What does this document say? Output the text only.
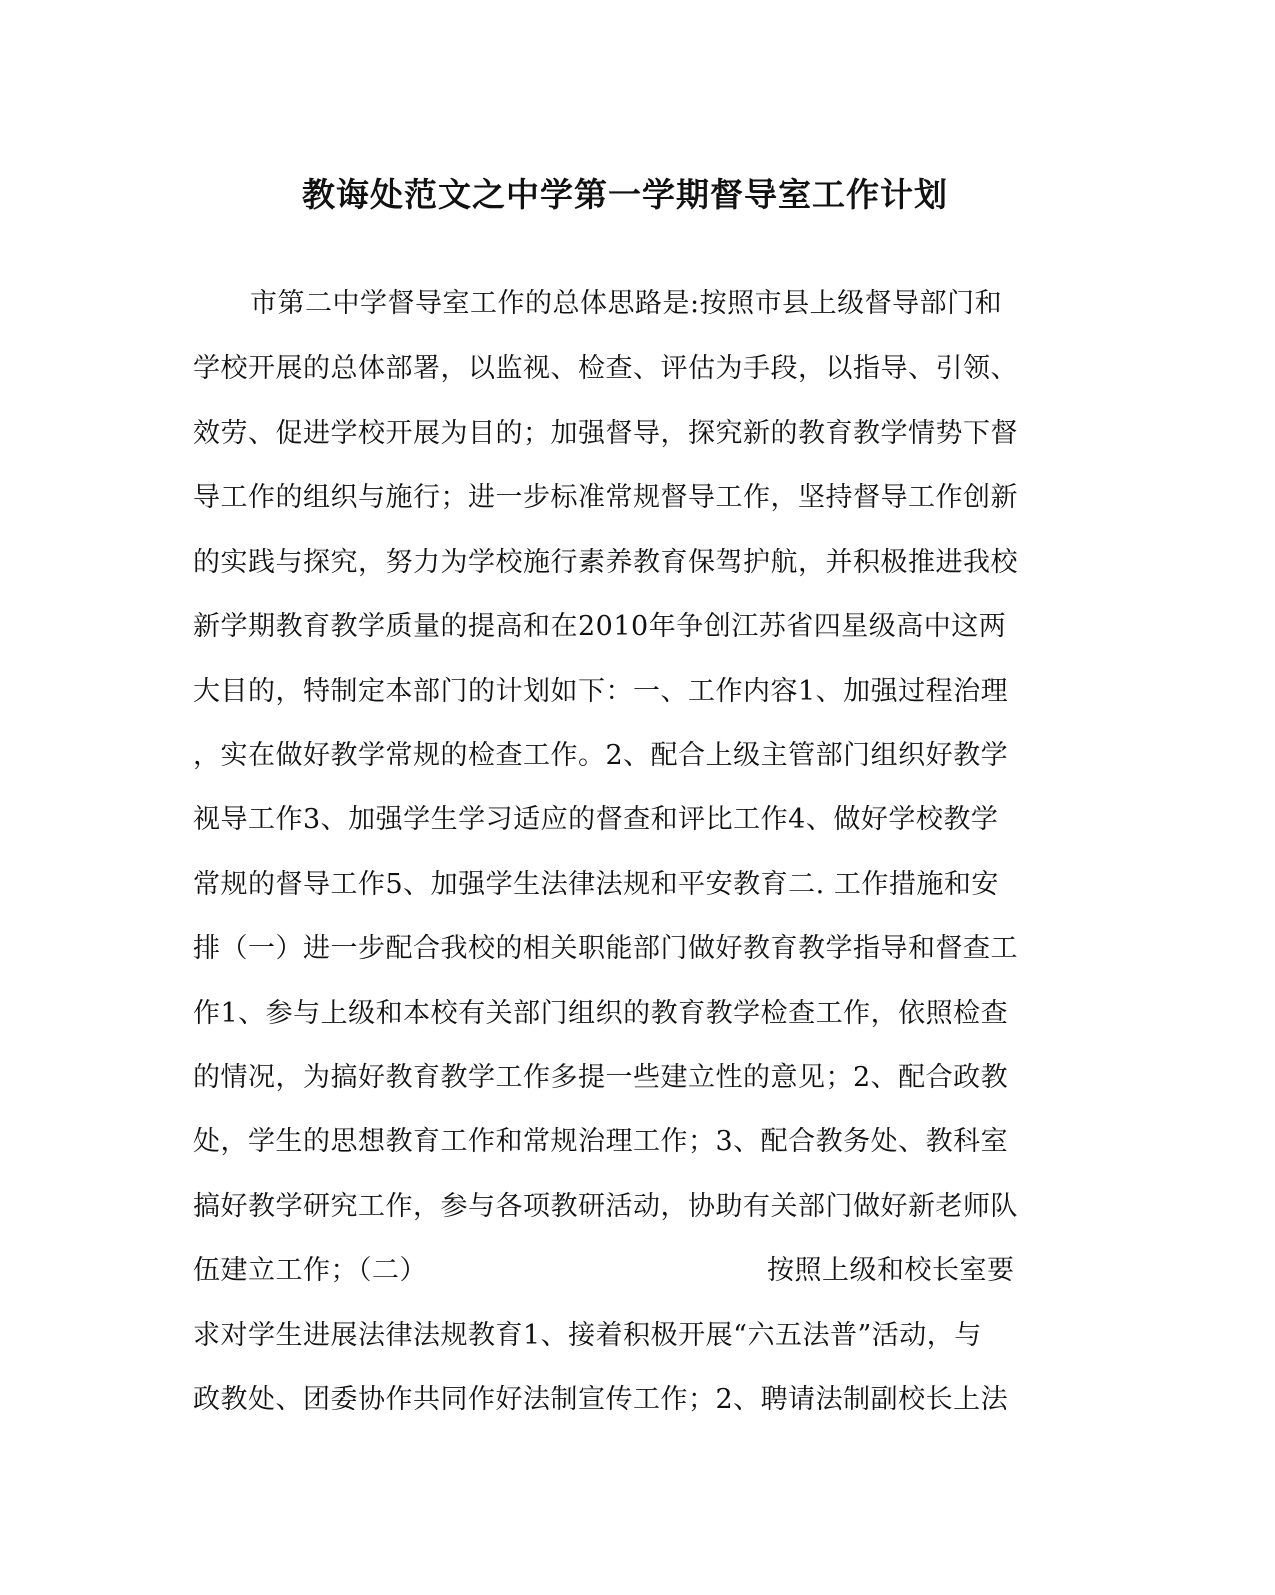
教诲处范文之中学第一学期督导室工作计划
市第二中学督导室工作的总体思路是:按照市县上级督导部门和
学校开展的总体部署，以监视、检查、评估为手段，以指导、引领、
效劳、促进学校开展为目的；加强督导，探究新的教育教学情势下督
导工作的组织与施行；进一步标准常规督导工作，坚持督导工作创新
的实践与探究，努力为学校施行素养教育保驾护航，并积极推进我校
新学期教育教学质量的提高和在2010年争创江苏省四星级高中这两
大目的，特制定本部门的计划如下：一、工作内容1、加强过程治理
，实在做好教学常规的检查工作。2、配合上级主管部门组织好教学
视导工作3、加强学生学习适应的督查和评比工作4、做好学校教学
常规的督导工作5、加强学生法律法规和平安教育二. 工作措施和安
排（一）进一步配合我校的相关职能部门做好教育教学指导和督查工
作1、参与上级和本校有关部门组织的教育教学检查工作，依照检查
的情况，为搞好教育教学工作多提一些建立性的意见；2、配合政教
处，学生的思想教育工作和常规治理工作；3、配合教务处、教科室
搞好教学研究工作，参与各项教研活动，协助有关部门做好新老师队
伍建立工作；（二）	按照上级和校长室要
求对学生进展法律法规教育1、接着积极开展“六五法普”活动，与
政教处、团委协作共同作好法制宣传工作；2、聘请法制副校长上法
